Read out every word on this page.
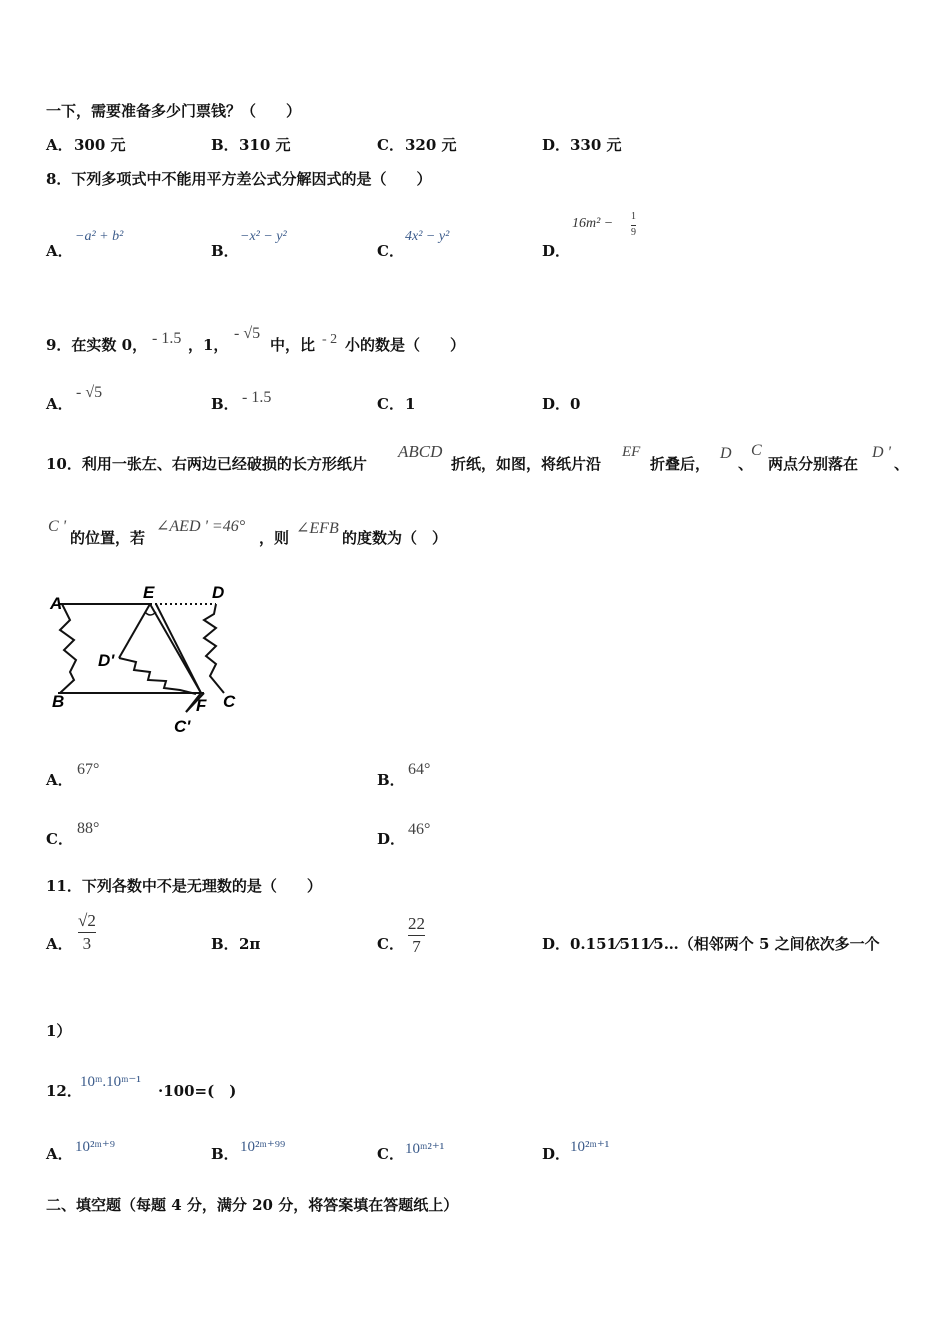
一下，需要准备多少门票钱？（　　）
A． 300 元	B． 310 元	C． 320 元	D． 330 元
8．下列多项式中不能用平方差公式分解因式的是（　　）
A．
−a² + b²
B．
−x² − y²
C．
4x² − y²
D．
16m² − 1
9
9．在实数 0， - 1.5 ，1，
- √5
中，比 - 2 小的数是（　　）
A．
- √5
B． - 1.5	C． 1	D． 0
10．利用一张左、右两边已经破损的长方形纸片
ABCD
折纸，如图，将纸片沿
EF
折叠后，
D
、
C
两点分别落在
D '
、
C '
的位置，若
∠AED ' =46°
，则
∠EFB
的度数为（　）
A
E	D
D'
B	F C
C'
A．
67°
B．
64°
C．
88°
D．
46°
11．下列各数中不是无理数的是（　　）
A．
√2
3	B． 2π	C．
22
7	D． 0.151⁄511⁄5…（相邻两个 5 之间依次多一个
1）
12．
10ᵐ.10ᵐ⁻¹ ·100=(　)
A． 10²ᵐ⁺⁹	B． 10²ᵐ⁺⁹⁹	C． 10ᵐ²⁺¹	D． 10²ᵐ⁺¹
二、填空题（每题 4 分，满分 20 分，将答案填在答题纸上）
